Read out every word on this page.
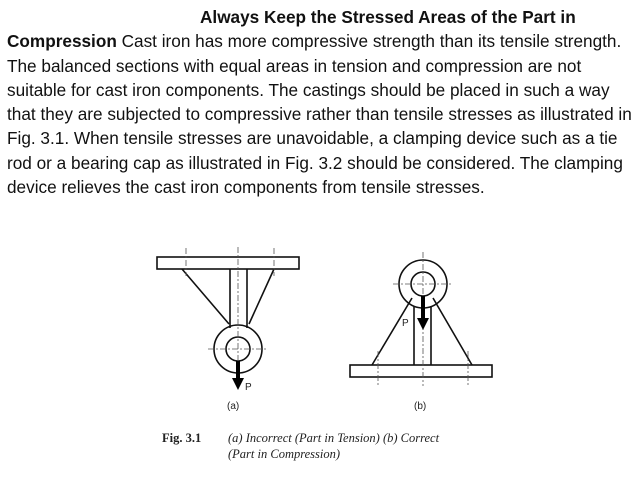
Always Keep the Stressed Areas of the Part in

Compression Cast iron has more compressive strength than its tensile strength. The balanced sections with equal areas in tension and compression are not suitable for cast iron components. The castings should be placed in such a way that they are subjected to compressive rather than tensile stresses as illustrated in Fig. 3.1. When tensile stresses are unavoidable, a clamping device such as a tie rod or a bearing cap as illustrated in Fig. 3.2 should be considered. The clamping device relieves the cast iron components from tensile stresses.

P
P
(a)	(b)
Fig. 3.1 (a) Incorrect (Part in Tension) (b) Correct
(Part in Compression)
